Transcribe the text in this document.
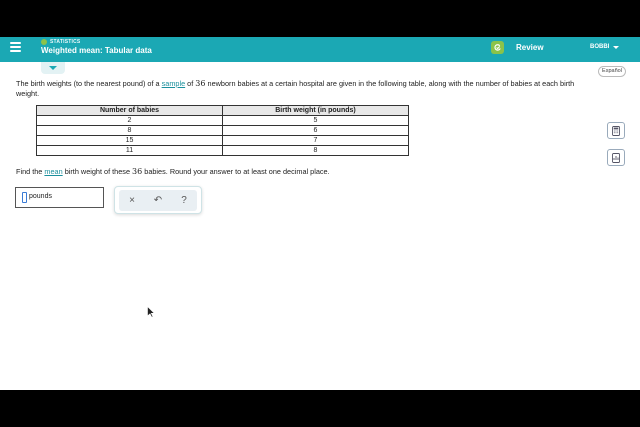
STATISTICS
Weighted mean: Tabular data	Review	BOBBI
Español
The birth weights (to the nearest pound) of a sample of 36 newborn babies at a certain hospital are given in the following table, along with the number of babies at each birth weight.
Number of babies	Birth weight (in pounds)
2	5
8	6
15	7
11	8
Find the mean birth weight of these 36 babies. Round your answer to at least one decimal place.
pounds	×	↶	?
